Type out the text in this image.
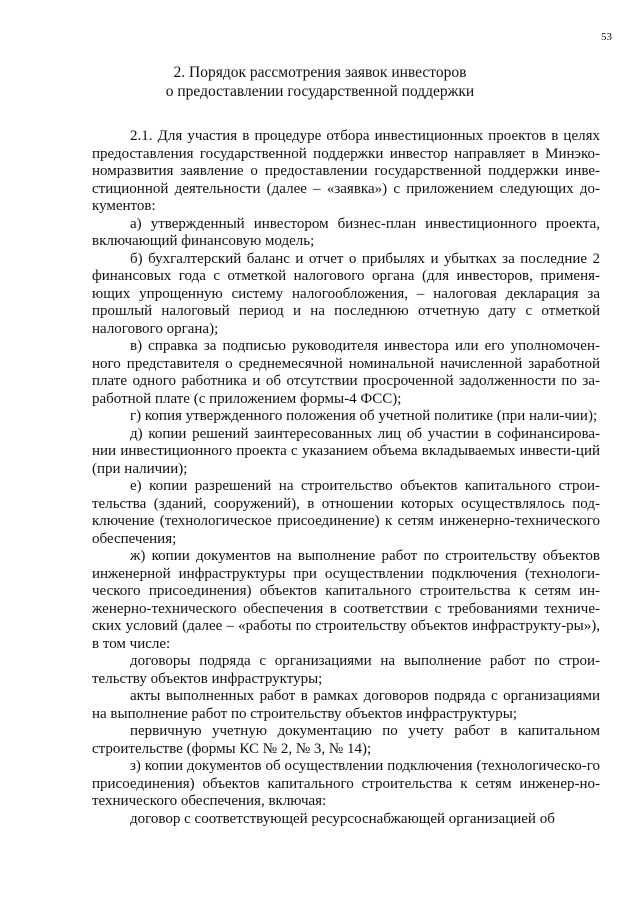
53
2. Порядок рассмотрения заявок инвесторов
о предоставлении государственной поддержки

2.1. Для участия в процедуре отбора инвестиционных проектов в целях предоставления государственной поддержки инвестор направляет в Минэко-номразвития заявление о предоставлении государственной поддержки инве-стиционной деятельности (далее – «заявка») с приложением следующих до-кументов:

а) утвержденный инвестором бизнес-план инвестиционного проекта, включающий финансовую модель;

б) бухгалтерский баланс и отчет о прибылях и убытках за последние 2 финансовых года с отметкой налогового органа (для инвесторов, применя-ющих упрощенную систему налогообложения, – налоговая декларация за прошлый налоговый период и на последнюю отчетную дату с отметкой налогового органа);

в) справка за подписью руководителя инвестора или его уполномочен-ного представителя о среднемесячной номинальной начисленной заработной плате одного работника и об отсутствии просроченной задолженности по за-работной плате (с приложением формы-4 ФСС);

г) копия утвержденного положения об учетной политике (при нали-чии);

д) копии решений заинтересованных лиц об участии в софинансирова-нии инвестиционного проекта с указанием объема вкладываемых инвести-ций (при наличии);

е) копии разрешений на строительство объектов капитального строи-тельства (зданий, сооружений), в отношении которых осуществлялось под-ключение (технологическое присоединение) к сетям инженерно-технического обеспечения;

ж) копии документов на выполнение работ по строительству объектов инженерной инфраструктуры при осуществлении подключения (технологи-ческого присоединения) объектов капитального строительства к сетям ин-женерно-технического обеспечения в соответствии с требованиями техниче-ских условий (далее – «работы по строительству объектов инфраструкту-ры»), в том числе:

договоры подряда с организациями на выполнение работ по строи-тельству объектов инфраструктуры;

акты выполненных работ в рамках договоров подряда с организациями на выполнение работ по строительству объектов инфраструктуры;

первичную учетную документацию по учету работ в капитальном строительстве (формы КС № 2, № 3, № 14);

з) копии документов об осуществлении подключения (технологическо-го присоединения) объектов капитального строительства к сетям инженер-но-технического обеспечения, включая:

договор с соответствующей ресурсоснабжающей организацией об
